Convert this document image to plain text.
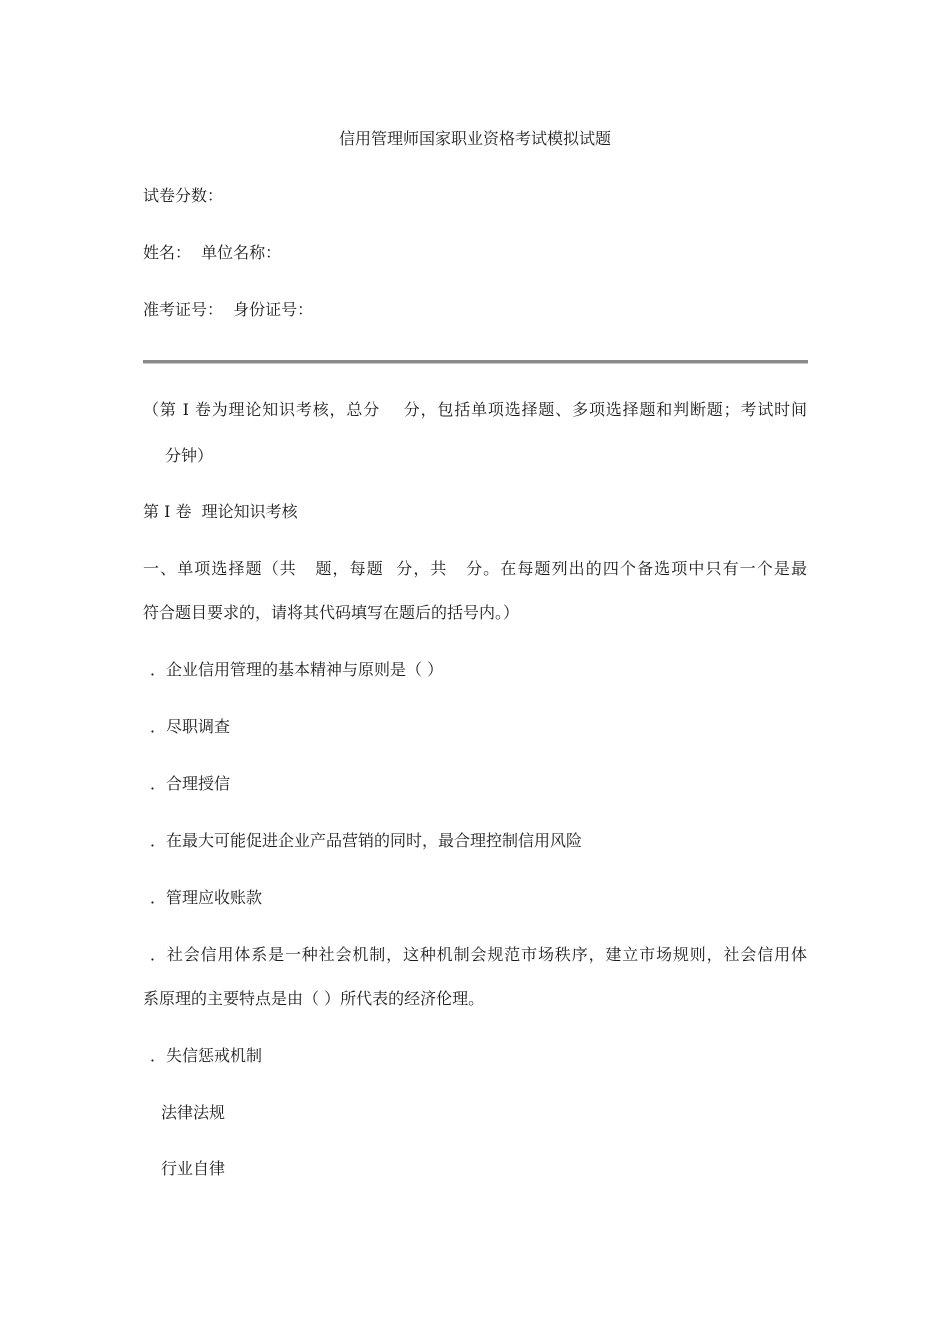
信用管理师国家职业资格考试模拟试题
试卷分数：
姓名：  单位名称：
准考证号：  身份证号：
（第 I 卷为理论知识考核，总分    分，包括单项选择题、多项选择题和判断题；考试时间
分钟）
第 I 卷  理论知识考核
一、单项选择题（共   题，每题  分，共   分。在每题列出的四个备选项中只有一个是最
符合题目要求的，请将其代码填写在题后的括号内。）
．企业信用管理的基本精神与原则是（ ）
．尽职调查
．合理授信
．在最大可能促进企业产品营销的同时，最合理控制信用风险
．管理应收账款
．社会信用体系是一种社会机制，这种机制会规范市场秩序，建立市场规则，社会信用体
系原理的主要特点是由（ ）所代表的经济伦理。
．失信惩戒机制
法律法规
行业自律
